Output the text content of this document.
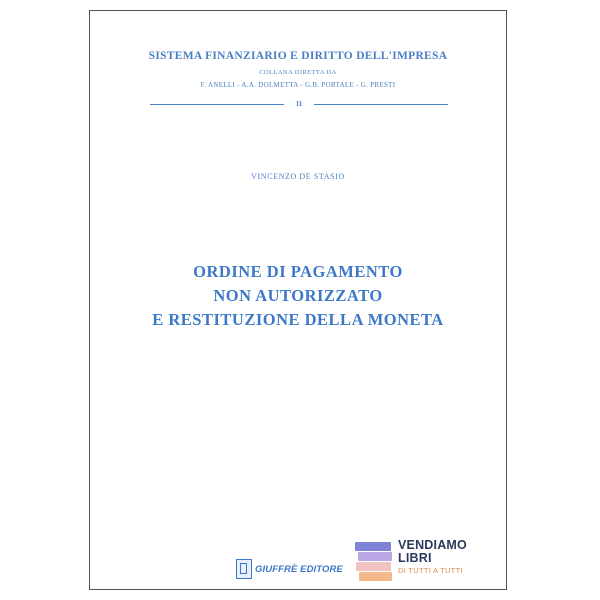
SISTEMA FINANZIARIO E DIRITTO DELL'IMPRESA
COLLANA DIRETTA DA
F. ANELLI - A.A. DOLMETTA - G.B. PORTALE - G. PRESTI
11
VINCENZO DE STASIO
ORDINE DI PAGAMENTO
NON AUTORIZZATO
E RESTITUZIONE DELLA MONETA
GIUFFRÈ EDITORE
VENDIAMO
LIBRI
DI TUTTI A TUTTI
